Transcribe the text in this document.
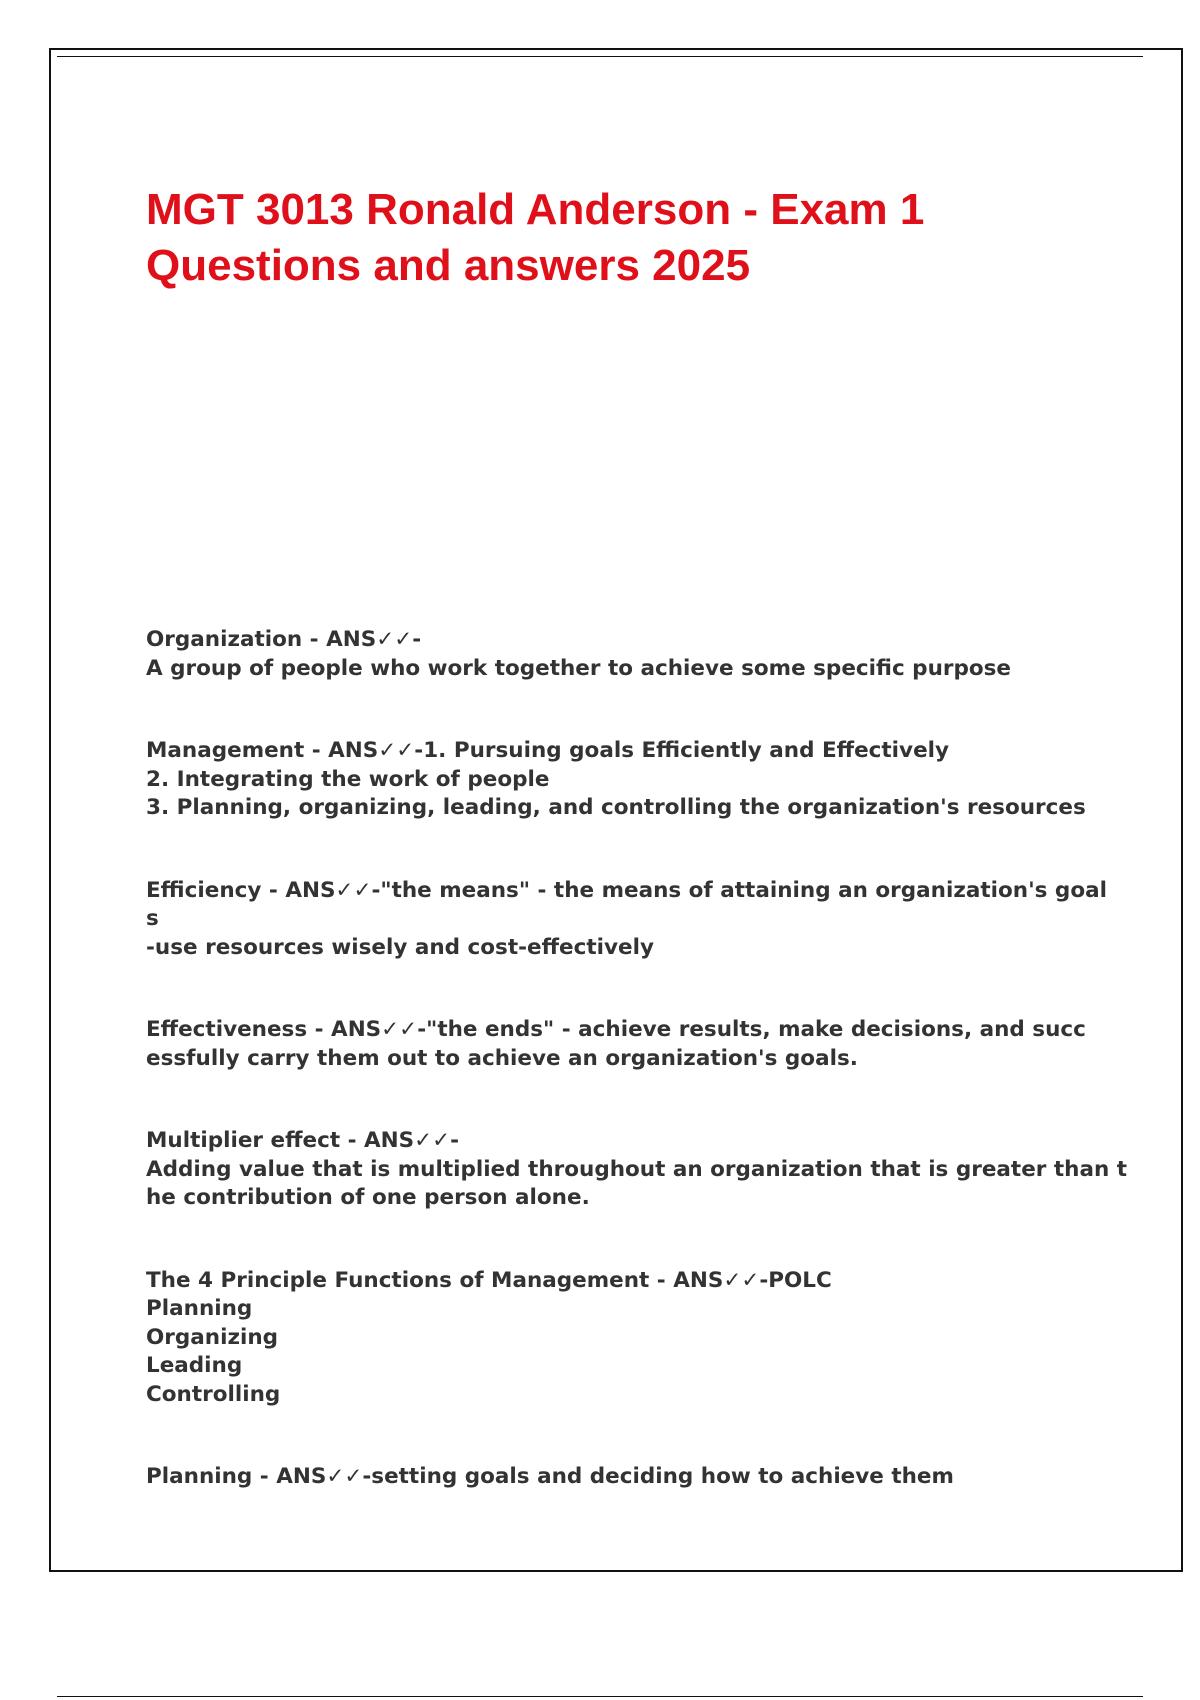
MGT 3013 Ronald Anderson - Exam 1
Questions and answers 2025
Organization - ANS✓✓-
A group of people who work together to achieve some specific purpose
Management - ANS✓✓-1. Pursuing goals Efficiently and Effectively
2. Integrating the work of people
3. Planning, organizing, leading, and controlling the organization's resources
Efficiency - ANS✓✓-"the means" - the means of attaining an organization's goal
s
-use resources wisely and cost-effectively
Effectiveness - ANS✓✓-"the ends" - achieve results, make decisions, and succ
essfully carry them out to achieve an organization's goals.
Multiplier effect - ANS✓✓-
Adding value that is multiplied throughout an organization that is greater than t
he contribution of one person alone.
The 4 Principle Functions of Management - ANS✓✓-POLC
Planning
Organizing
Leading
Controlling
Planning - ANS✓✓-setting goals and deciding how to achieve them
